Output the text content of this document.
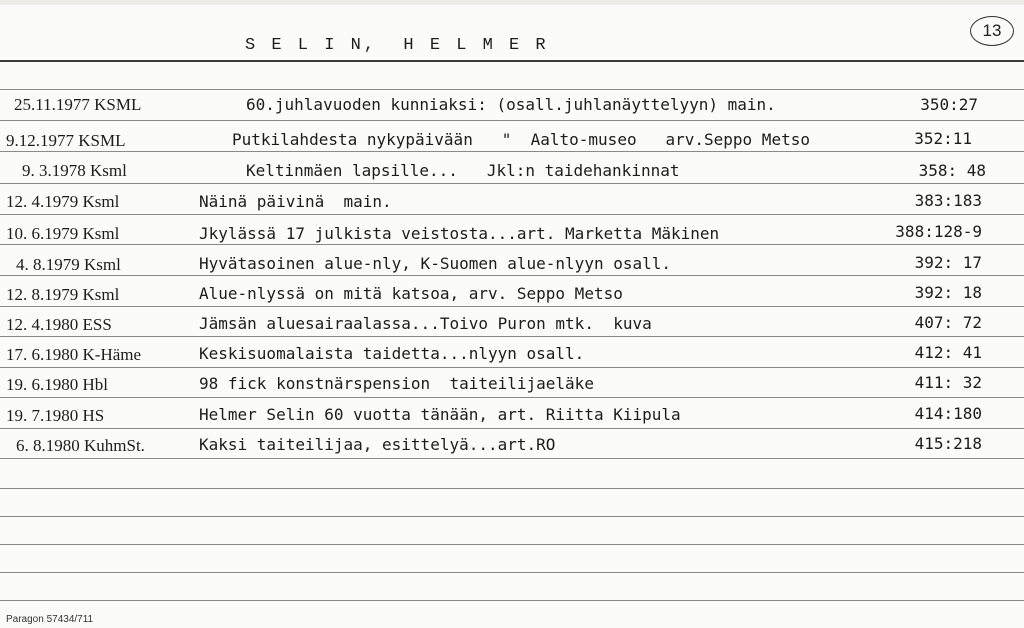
S E L I N,  H E L M E R
13
25.11.1977 KSML	60.juhlavuoden kunniaksi: (osall.juhlanäyttelyyn) main.	350:27
9.12.1977 KSML	Putkilahdesta nykypäivään   "  Aalto-museo   arv.Seppo Metso	352:11
9. 3.1978 Ksml	Keltinmäen lapsille...   Jkl:n taidehankinnat	358: 48
12. 4.1979 Ksml	Näinä päivinä  main.	383:183
10. 6.1979 Ksml	Jkylässä 17 julkista veistosta...art. Marketta Mäkinen	388:128-9
4. 8.1979 Ksml	Hyvätasoinen alue-nly, K-Suomen alue-nlyyn osall.	392: 17
12. 8.1979 Ksml	Alue-nlyssä on mitä katsoa, arv. Seppo Metso	392: 18
12. 4.1980 ESS	Jämsän aluesairaalassa...Toivo Puron mtk.  kuva	407: 72
17. 6.1980 K-Häme	Keskisuomalaista taidetta...nlyyn osall.	412: 41
19. 6.1980 Hbl	98 fick konstnärspension  taiteilijaeläke	411: 32
19. 7.1980 HS	Helmer Selin 60 vuotta tänään, art. Riitta Kiipula	414:180
6. 8.1980 KuhmSt.	Kaksi taiteilijaa, esittelyä...art.RO	415:218
Paragon 57434/711
